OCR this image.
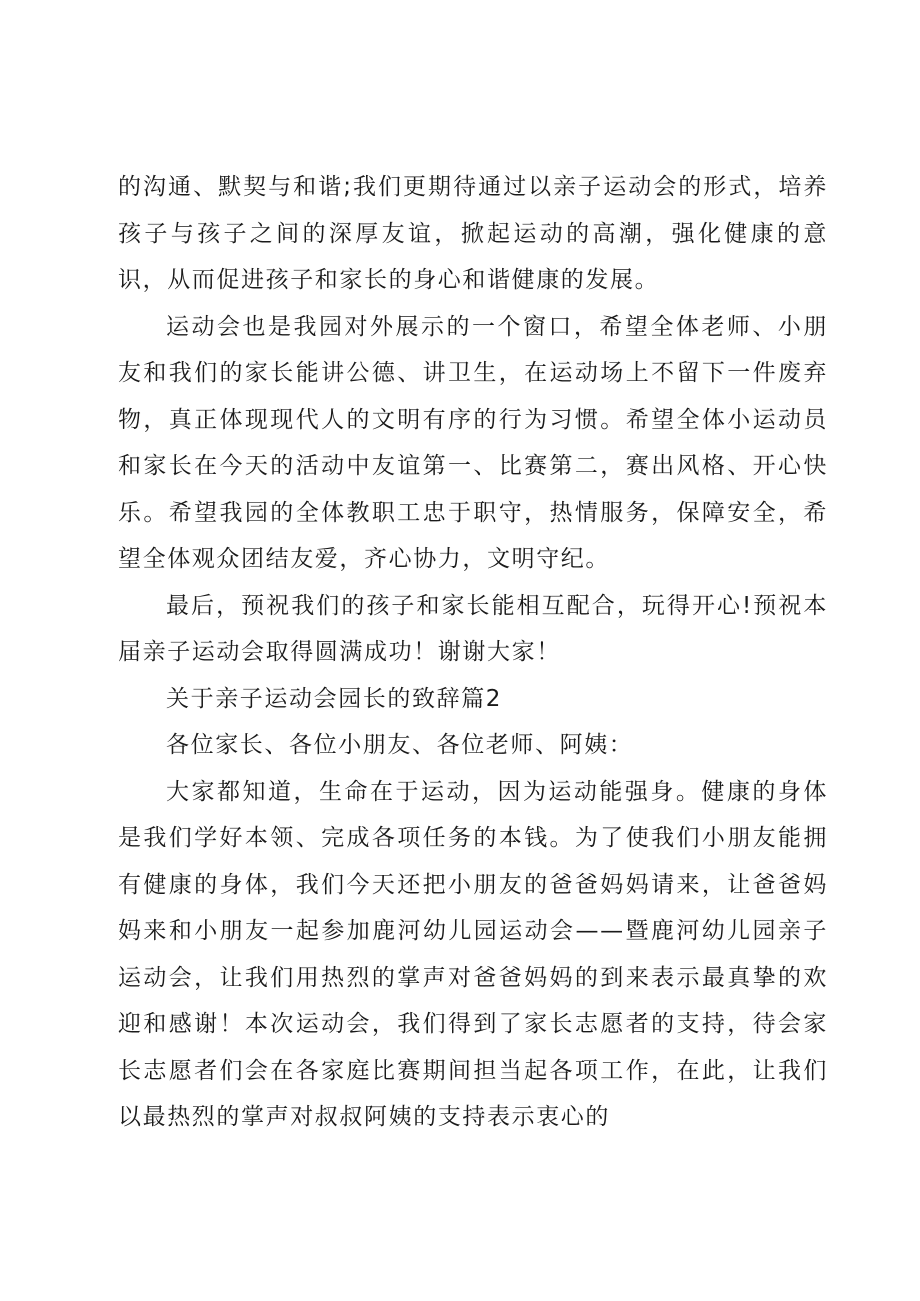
的沟通、默契与和谐;我们更期待通过以亲子运动会的形式，培养孩子与孩子之间的深厚友谊，掀起运动的高潮，强化健康的意识，从而促进孩子和家长的身心和谐健康的发展。

运动会也是我园对外展示的一个窗口，希望全体老师、小朋友和我们的家长能讲公德、讲卫生，在运动场上不留下一件废弃物，真正体现现代人的文明有序的行为习惯。希望全体小运动员和家长在今天的活动中友谊第一、比赛第二，赛出风格、开心快乐。希望我园的全体教职工忠于职守，热情服务，保障安全，希望全体观众团结友爱，齐心协力，文明守纪。

最后，预祝我们的孩子和家长能相互配合，玩得开心!预祝本届亲子运动会取得圆满成功！谢谢大家！

关于亲子运动会园长的致辞篇2

各位家长、各位小朋友、各位老师、阿姨：

大家都知道，生命在于运动，因为运动能强身。健康的身体是我们学好本领、完成各项任务的本钱。为了使我们小朋友能拥有健康的身体，我们今天还把小朋友的爸爸妈妈请来，让爸爸妈妈来和小朋友一起参加鹿河幼儿园运动会——暨鹿河幼儿园亲子运动会，让我们用热烈的掌声对爸爸妈妈的到来表示最真挚的欢迎和感谢！本次运动会，我们得到了家长志愿者的支持，待会家长志愿者们会在各家庭比赛期间担当起各项工作，在此，让我们以最热烈的掌声对叔叔阿姨的支持表示衷心的
